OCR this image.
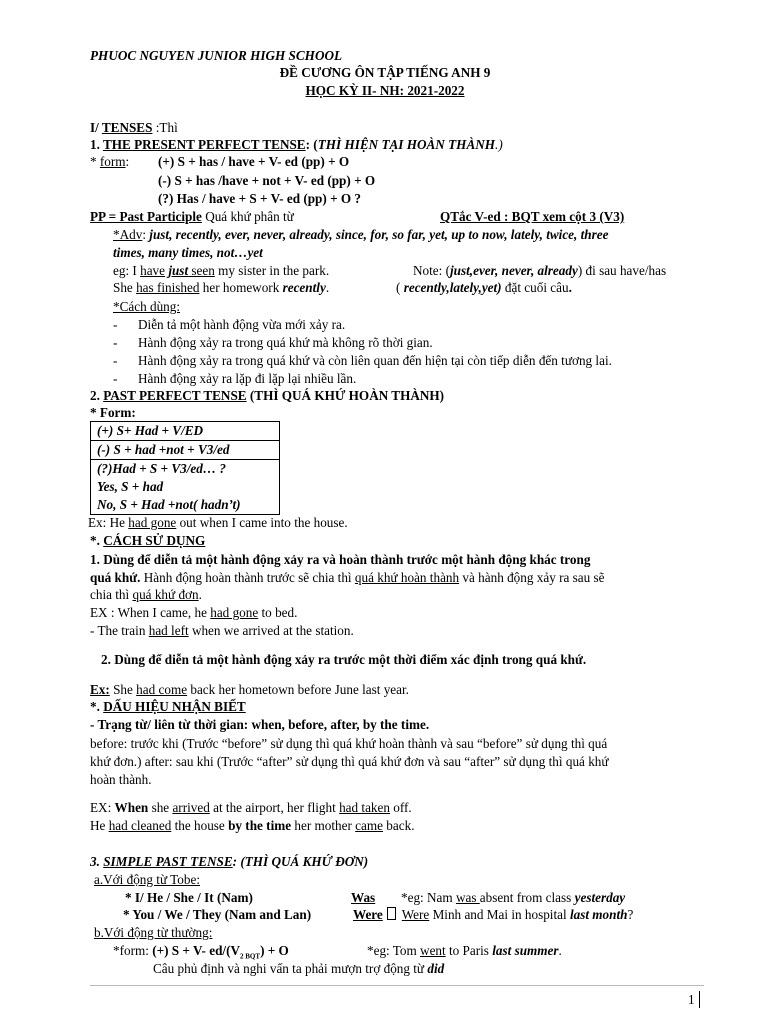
PHUOC NGUYEN JUNIOR HIGH SCHOOL
ĐỀ CƯƠNG ÔN TẬP TIẾNG ANH 9
HỌC KỲ II- NH: 2021-2022
I/ TENSES :Thì
1. THE PRESENT PERFECT TENSE: (THÌ HIỆN TẠI HOÀN THÀNH.)
* form: (+) S + has / have + V- ed (pp) + O
(-) S + has /have + not + V- ed (pp) + O
(?) Has / have + S + V- ed (pp) + O ?
PP = Past Participle Quá khứ phân từ	QTắc V-ed : BQT xem cột 3 (V3)
*Adv: just, recently, ever, never, already, since, for, so far, yet, up to now, lately, twice, three
times, many times, not…yet
eg: I have just seen my sister in the park.	Note: (just,ever, never, already) đi sau have/has
She has finished her homework recently.	( recently,lately,yet) đặt cuối câu.
*Cách dùng:
- Diễn tả một hành động vừa mới xảy ra.
- Hành động xảy ra trong quá khứ mà không rõ thời gian.
- Hành động xảy ra trong quá khứ và còn liên quan đến hiện tại còn tiếp diễn đến tương lai.
- Hành động xảy ra lặp đi lặp lại nhiều lần.
2. PAST PERFECT TENSE (THÌ QUÁ KHỨ HOÀN THÀNH)
* Form:
(+) S+ Had + V/ED
(-) S + had +not + V3/ed

(?)Had + S + V3/ed… ?
Yes, S + had
No, S + Had +not( hadn’t)
Ex: He had gone out when I came into the house.
*. CÁCH SỬ DỤNG
1. Dùng để diễn tả một hành động xảy ra và hoàn thành trước một hành động khác trong
quá khứ. Hành động hoàn thành trước sẽ chia thì quá khứ hoàn thành và hành động xảy ra sau sẽ
chia thì quá khứ đơn.
EX : When I came, he had gone to bed.
- The train had left when we arrived at the station.
2. Dùng để diễn tả một hành động xảy ra trước một thời điểm xác định trong quá khứ.
Ex: She had come back her hometown before June last year.
*. DẤU HIỆU NHẬN BIẾT
- Trạng từ/ liên từ thời gian: when, before, after, by the time.
before: trước khi (Trước “before” sử dụng thì quá khứ hoàn thành và sau “before” sử dụng thì quá
khứ đơn.) after: sau khi (Trước “after” sử dụng thì quá khứ đơn và sau “after” sử dụng thì quá khứ
hoàn thành.
EX: When she arrived at the airport, her flight had taken off.
He had cleaned the house by the time her mother came back.
3. SIMPLE PAST TENSE: (THÌ QUÁ KHỨ ĐƠN)
a.Với động từ Tobe:
* I/ He / She / It (Nam)	Was *eg: Nam was absent from class yesterday
* You / We / They (Nam and Lan)	Were Were Minh and Mai in hospital last month?
b.Với động từ thường:
*form: (+) S + V- $ed/(V_{2 BQT}) + O$	*eg: Tom went to Paris last summer.
Câu phủ định và nghi vấn ta phải mượn trợ động từ did
1
